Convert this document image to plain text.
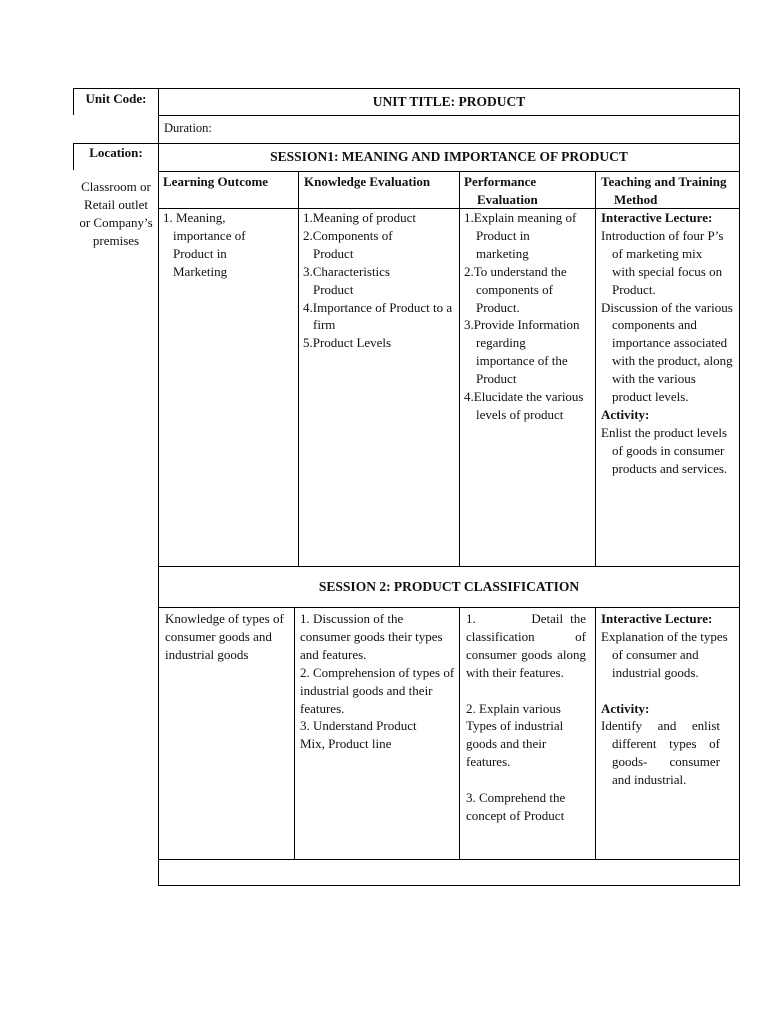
Unit Code:
Location:
Classroom or Retail outlet or Company’s premises
UNIT TITLE: PRODUCT
Duration:
SESSION1: MEANING AND IMPORTANCE OF PRODUCT
Learning Outcome	Knowledge Evaluation	Performance Evaluation
Teaching and Training Method

1. Meaning, importance of Product in Marketing

1.Meaning of product

2.Components of Product

3.Characteristics Product

4.Importance of Product to a firm

5.Product Levels

1.Explain meaning of Product in marketing

2.To understand the components of Product.

3.Provide Information regarding importance of the Product

4.Elucidate the various levels of product

Interactive Lecture:

Introduction of four P’s of marketing mix with special focus on Product.

Discussion of the various components and importance associated with the product, along with the various product levels.

Activity:

Enlist the product levels of goods in consumer products and services.

SESSION 2: PRODUCT CLASSIFICATION
Knowledge of types of consumer goods and industrial goods

1. Discussion of the consumer goods their types and features.

2. Comprehension of types of industrial goods and their features.

3. Understand Product Mix, Product line

1.        Detail the classification of consumer goods along with their features.

2. Explain various Types of industrial goods and their features.

3. Comprehend the concept of Product

Interactive Lecture:

Explanation of the types of consumer and industrial goods.

Activity:

Identify and enlist different types of goods- consumer and industrial.
